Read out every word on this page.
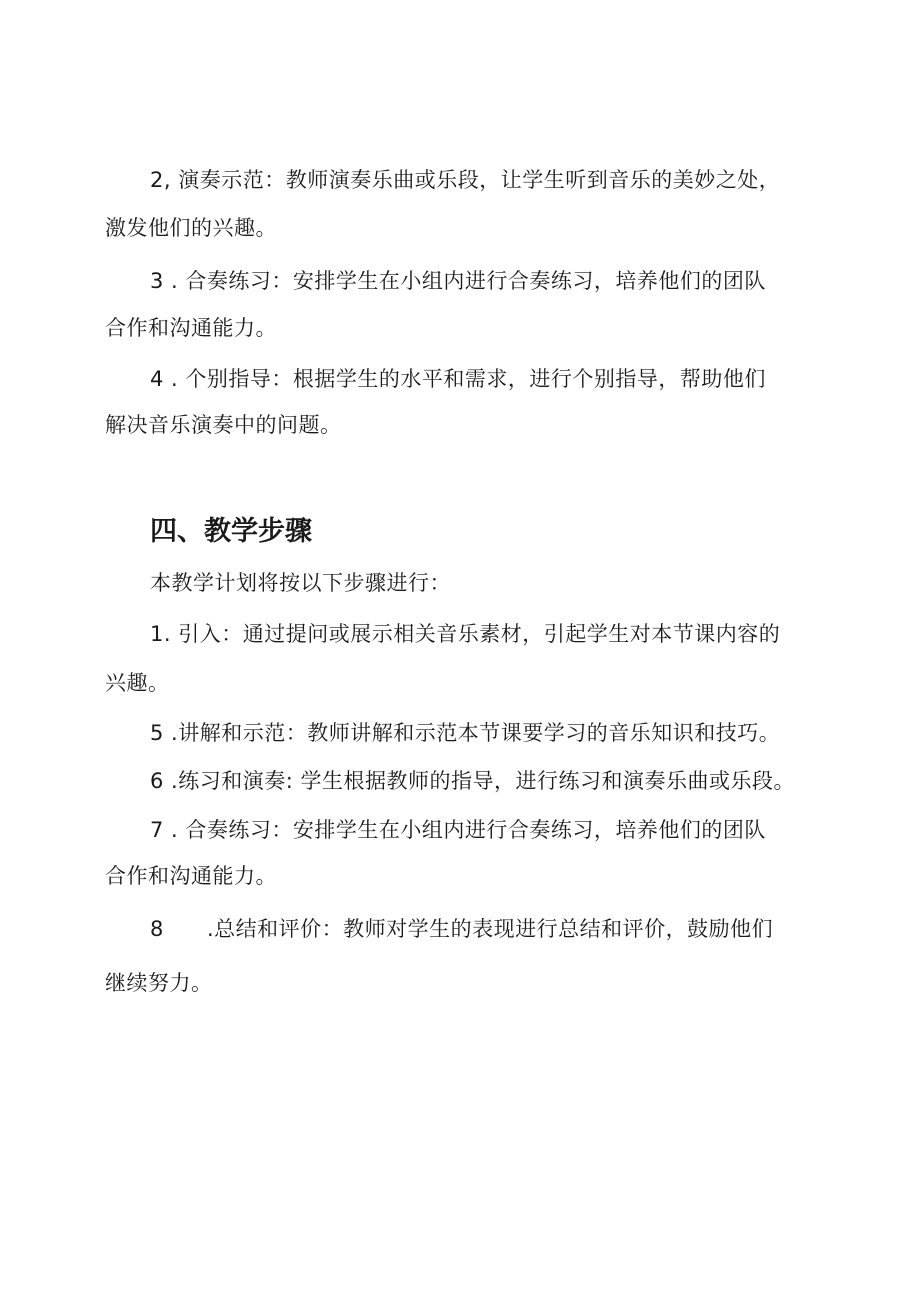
2, 演奏示范：教师演奏乐曲或乐段，让学生听到音乐的美妙之处，
激发他们的兴趣。
3 . 合奏练习：安排学生在小组内进行合奏练习，培养他们的团队
合作和沟通能力。
4 . 个别指导：根据学生的水平和需求，进行个别指导，帮助他们
解决音乐演奏中的问题。
四、教学步骤
本教学计划将按以下步骤进行：
1. 引入：通过提问或展示相关音乐素材，引起学生对本节课内容的
兴趣。
5 .讲解和示范：教师讲解和示范本节课要学习的音乐知识和技巧。
6 .练习和演奏: 学生根据教师的指导，进行练习和演奏乐曲或乐段。
7 . 合奏练习：安排学生在小组内进行合奏练习，培养他们的团队
合作和沟通能力。
8 .总结和评价：教师对学生的表现进行总结和评价，鼓励他们
继续努力。
